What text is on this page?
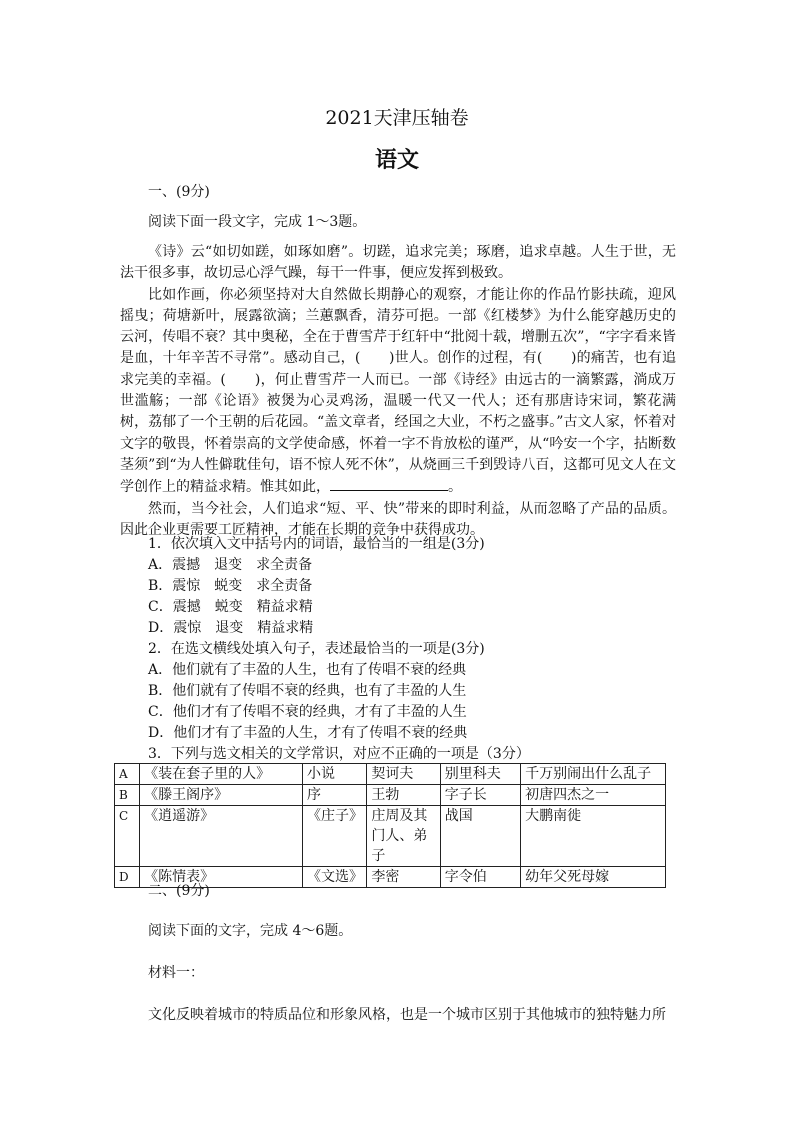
2021天津压轴卷
语文
一、(9分)
阅读下面一段文字，完成 1～3题。

《诗》云“如切如蹉，如琢如磨”。切蹉，追求完美；琢磨，追求卓越。人生于世，无法干很多事，故切忌心浮气躁，每干一件事，便应发挥到极致。

比如作画，你必须坚持对大自然做长期静心的观察，才能让你的作品竹影扶疏，迎风摇曳；荷塘新叶，展露欲滴；兰蕙飘香，清芬可挹。一部《红楼梦》为什么能穿越历史的云河，传唱不衰？其中奥秘，全在于曹雪芹于红轩中“批阅十载，增删五次”，“字字看来皆是血，十年辛苦不寻常”。感动自己，(　　)世人。创作的过程，有(　　)的痛苦，也有追求完美的幸福。(　　)，何止曹雪芹一人而已。一部《诗经》由远古的一滴繁露，淌成万世滥觞；一部《论语》被煲为心灵鸡汤，温暖一代又一代人；还有那唐诗宋词，繁花满树，荔郁了一个王朝的后花园。“盖文章者，经国之大业，不朽之盛事。”古文人家，怀着对文字的敬畏，怀着崇高的文学使命感，怀着一字不肯放松的谨严，从“吟安一个字，拈断数茎须”到“为人性僻耽佳句，语不惊人死不休”，从烧画三千到毁诗八百，这都可见文人在文学创作上的精益求精。惟其如此，	。

然而，当今社会，人们追求“短、平、快”带来的即时利益，从而忽略了产品的品质。因此企业更需要工匠精神，才能在长期的竞争中获得成功。

1．依次填入文中括号内的词语，最恰当的一组是(3分)
A．震撼　退变　求全责备
B．震惊　蜕变　求全责备
C．震撼　蜕变　精益求精
D．震惊　退变　精益求精
2．在选文横线处填入句子，表述最恰当的一项是(3分)
A．他们就有了丰盈的人生，也有了传唱不衰的经典
B．他们就有了传唱不衰的经典，也有了丰盈的人生
C．他们才有了传唱不衰的经典，才有了丰盈的人生
D．他们才有了丰盈的人生，才有了传唱不衰的经典
3．下列与选文相关的文学常识，对应不正确的一项是（3分）
A	《装在套子里的人》	小说	契诃夫	别里科夫	千万别闹出什么乱子
B	《滕王阁序》	序	王勃	字子长	初唐四杰之一
C	《逍遥游》	《庄子》	庄周及其门人、弟子	战国	大鹏南徙
D	《陈情表》	《文选》	李密	字令伯	幼年父死母嫁
二、(9分)
阅读下面的文字，完成 4～6题。
材料一：
文化反映着城市的特质品位和形象风格，也是一个城市区别于其他城市的独特魅力所
